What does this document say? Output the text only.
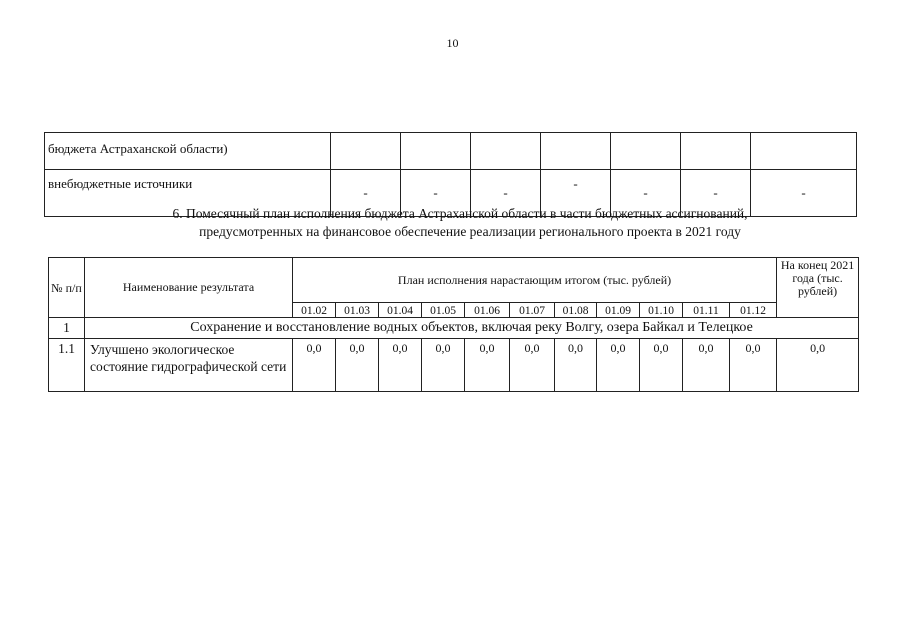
10
бюджета Астраханской области)							
внебюджетные источники	-	-	-	-	-	-	-
6. Помесячный план исполнения бюджета Астраханской области в части бюджетных ассигнований,
предусмотренных на финансовое обеспечение реализации регионального проекта в 2021 году
№ п/п	Наименование результата	План исполнения нарастающим итогом (тыс. рублей)											На конец 2021 года (тыс. рублей)
		01.02	01.03	01.04	01.05	01.06	01.07	01.08	01.09	01.10	01.11	01.12	
1	Сохранение и восстановление водных объектов, включая реку Волгу, озера Байкал и Телецкое												
1.1	Улучшено экологическое состояние гидрографической сети	0,0	0,0	0,0	0,0	0,0	0,0	0,0	0,0	0,0	0,0	0,0	0,0
